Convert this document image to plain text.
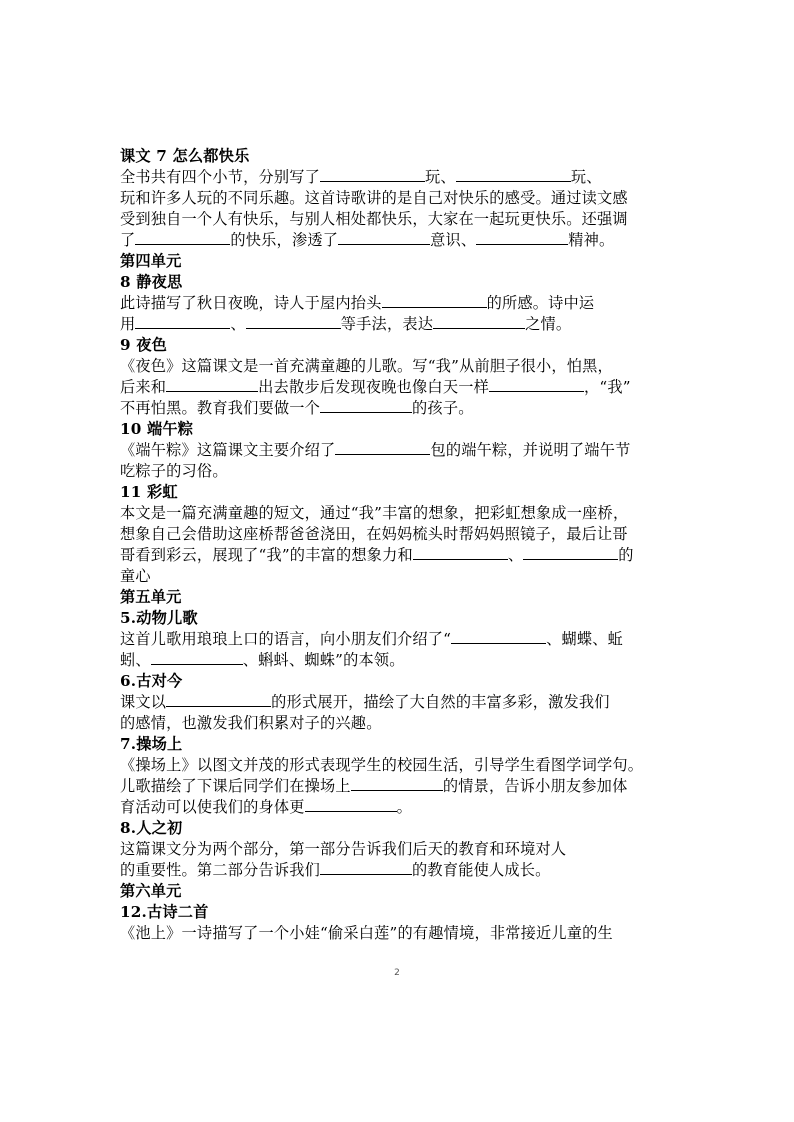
课文 7 怎么都快乐
全书共有四个小节，分别写了	玩、	玩、
玩和许多人玩的不同乐趣。这首诗歌讲的是自己对快乐的感受。通过读文感
受到独自一个人有快乐，与别人相处都快乐，大家在一起玩更快乐。还强调
了	的快乐，渗透了	意识、	精神。
第四单元
8 静夜思
此诗描写了秋日夜晚，诗人于屋内抬头	的所感。诗中运
用	、	等手法，表达	之情。
9 夜色
《夜色》这篇课文是一首充满童趣的儿歌。写“我”从前胆子很小，怕黑，
后来和	出去散步后发现夜晚也像白天一样	，“我”
不再怕黑。教育我们要做一个	的孩子。
10 端午粽
《端午粽》这篇课文主要介绍了	包的端午粽，并说明了端午节
吃粽子的习俗。
11 彩虹
本文是一篇充满童趣的短文，通过“我”丰富的想象，把彩虹想象成一座桥，
想象自己会借助这座桥帮爸爸浇田，在妈妈梳头时帮妈妈照镜子，最后让哥
哥看到彩云，展现了“我”的丰富的想象力和	、	的
童心
第五单元
5.动物儿歌
这首儿歌用琅琅上口的语言，向小朋友们介绍了“	、蝴蝶、蚯
蚓、	、蝌蚪、蜘蛛”的本领。
6.古对今
课文以	的形式展开，描绘了大自然的丰富多彩，激发我们
的感情，也激发我们积累对子的兴趣。
7.操场上
《操场上》以图文并茂的形式表现学生的校园生活，引导学生看图学词学句。
儿歌描绘了下课后同学们在操场上	的情景，告诉小朋友参加体
育活动可以使我们的身体更	。
8.人之初
这篇课文分为两个部分，第一部分告诉我们后天的教育和环境对人
的重要性。第二部分告诉我们	的教育能使人成长。
第六单元
12.古诗二首
《池上》一诗描写了一个小娃“偷采白莲”的有趣情境，非常接近儿童的生
2
